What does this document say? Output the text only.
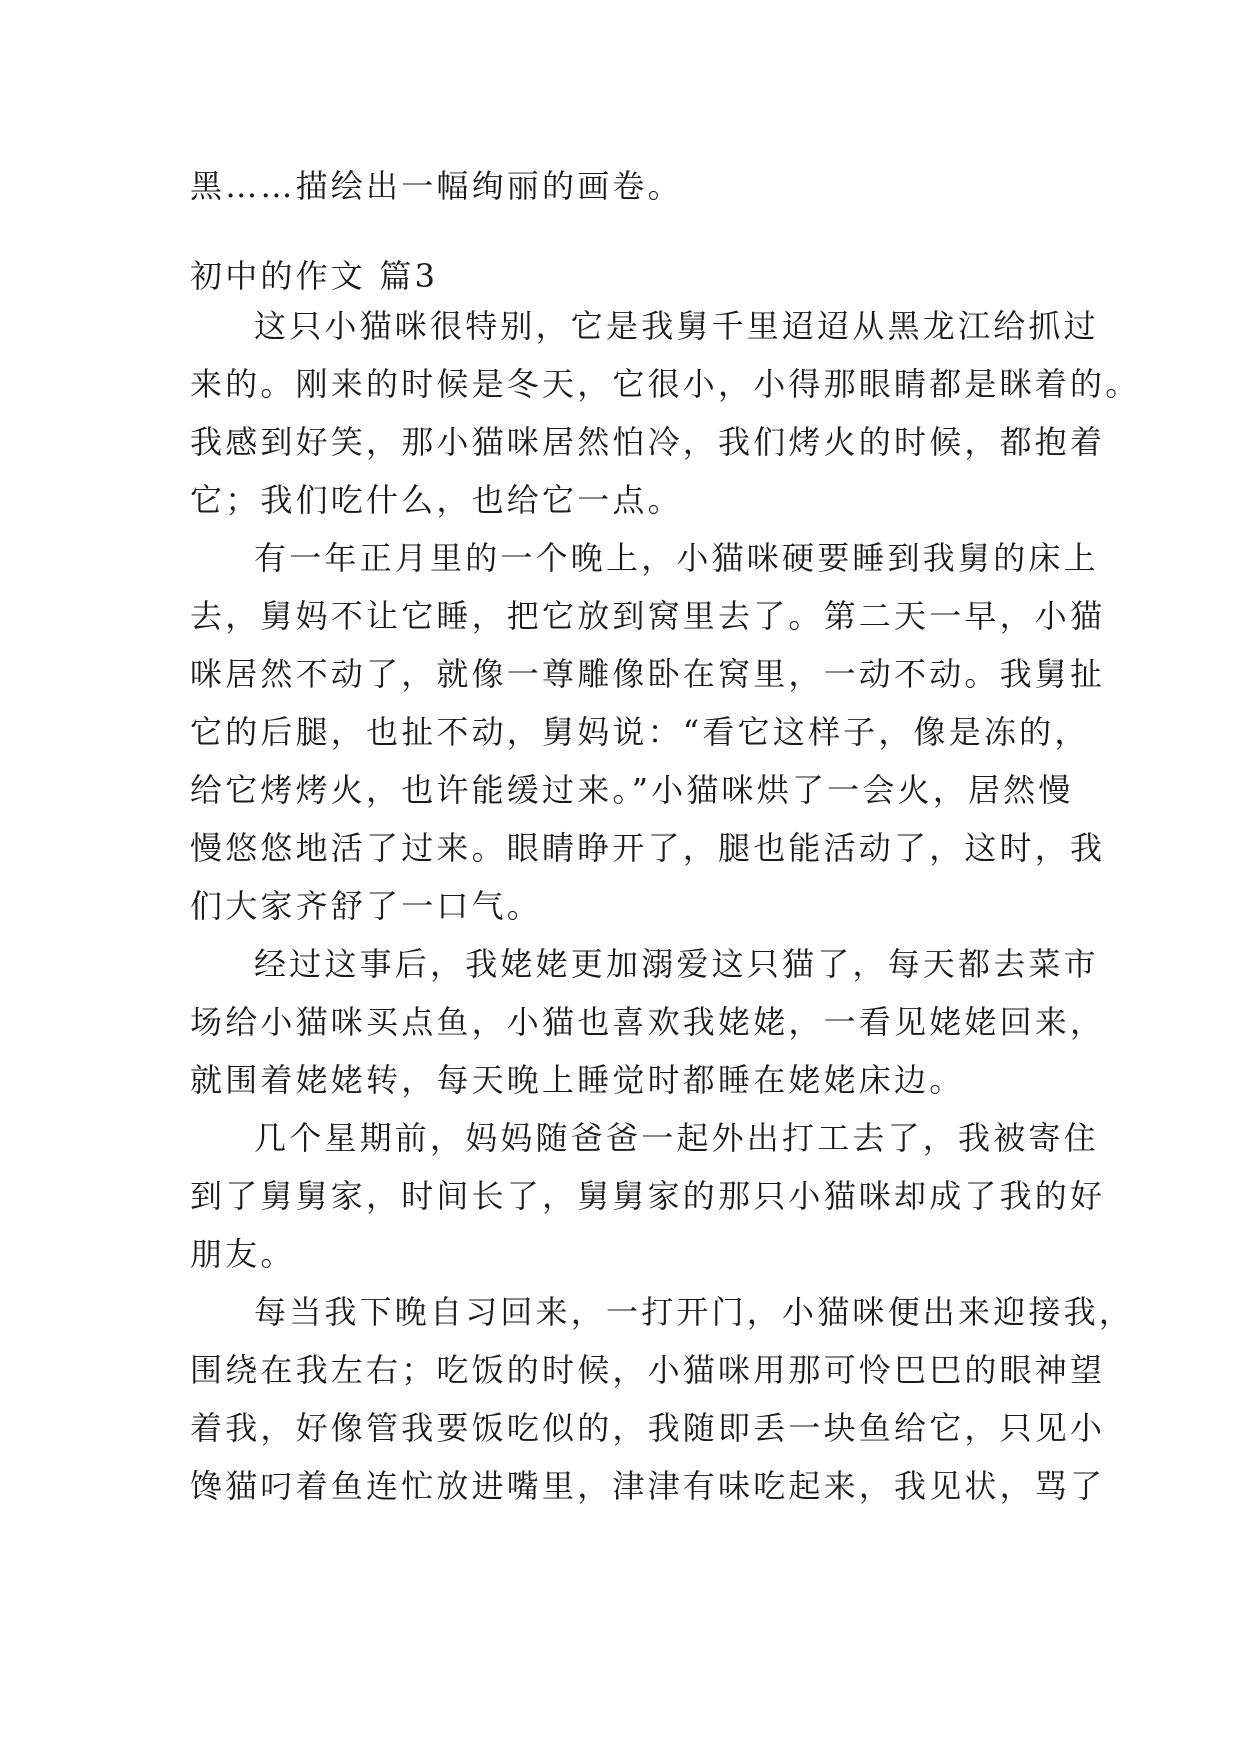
黑……描绘出一幅绚丽的画卷。
初中的作文 篇3
这只小猫咪很特别，它是我舅千里迢迢从黑龙江给抓过
来的。刚来的时候是冬天，它很小，小得那眼睛都是眯着的。
我感到好笑，那小猫咪居然怕冷，我们烤火的时候，都抱着
它；我们吃什么，也给它一点。
有一年正月里的一个晚上，小猫咪硬要睡到我舅的床上
去，舅妈不让它睡，把它放到窝里去了。第二天一早，小猫
咪居然不动了，就像一尊雕像卧在窝里，一动不动。我舅扯
它的后腿，也扯不动，舅妈说：“看它这样子，像是冻的，
给它烤烤火，也许能缓过来。”小猫咪烘了一会火，居然慢
慢悠悠地活了过来。眼睛睁开了，腿也能活动了，这时，我
们大家齐舒了一口气。
经过这事后，我姥姥更加溺爱这只猫了，每天都去菜市
场给小猫咪买点鱼，小猫也喜欢我姥姥，一看见姥姥回来，
就围着姥姥转，每天晚上睡觉时都睡在姥姥床边。
几个星期前，妈妈随爸爸一起外出打工去了，我被寄住
到了舅舅家，时间长了，舅舅家的那只小猫咪却成了我的好
朋友。
每当我下晚自习回来，一打开门，小猫咪便出来迎接我，
围绕在我左右；吃饭的时候，小猫咪用那可怜巴巴的眼神望
着我，好像管我要饭吃似的，我随即丢一块鱼给它，只见小
馋猫叼着鱼连忙放进嘴里，津津有味吃起来，我见状，骂了
